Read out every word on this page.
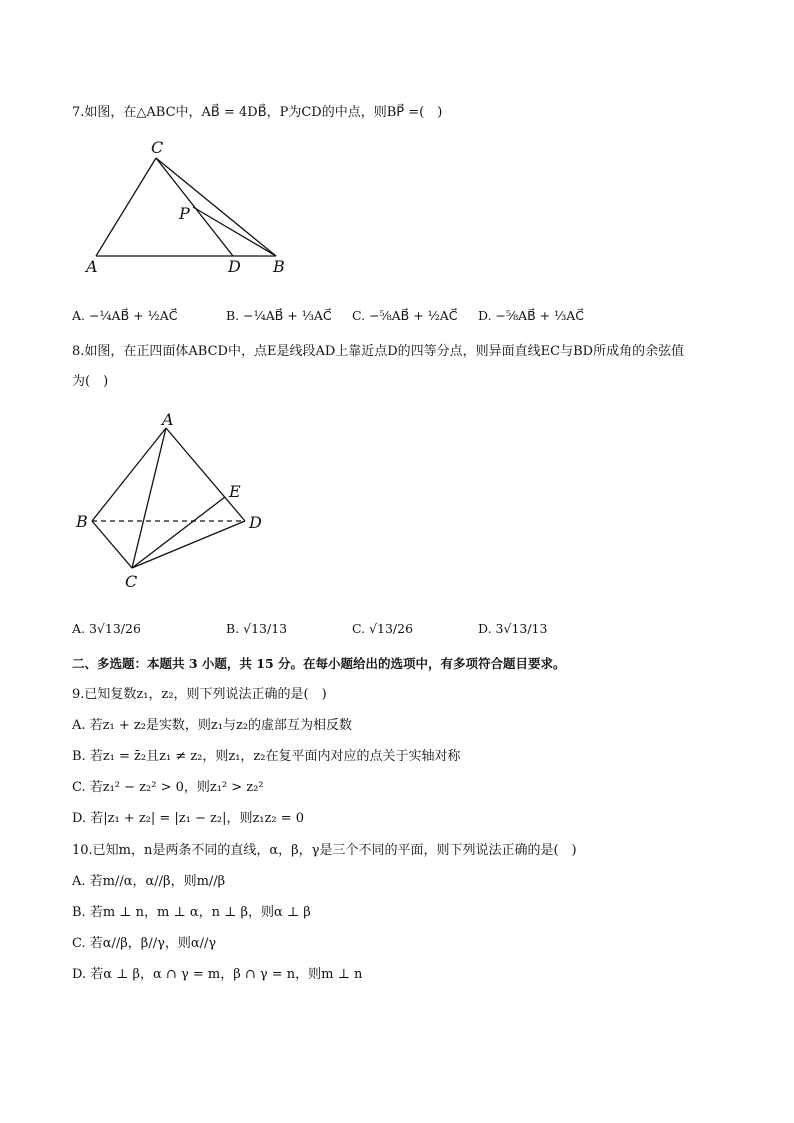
7.如图，在△ABC中，AB⃗ = 4DB⃗，P为CD的中点，则BP⃗ =(　)
C
P
A	D B
A. −¹⁄₄AB⃗ + ¹⁄₂AC⃗	B. −¹⁄₄AB⃗ + ¹⁄₃AC⃗ C. −⁵⁄₈AB⃗ + ¹⁄₂AC⃗ D. −⁵⁄₈AB⃗ + ¹⁄₃AC⃗
8.如图，在正四面体ABCD中，点E是线段AD上靠近点D的四等分点，则异面直线EC与BD所成角的余弦值
为(　)
A
B
C
D
E
A. 3√13/26	B. √13/13	C. √13/26	D. 3√13/13
二、多选题：本题共 3 小题，共 15 分。在每小题给出的选项中，有多项符合题目要求。
9.已知复数z₁，z₂，则下列说法正确的是(　)
A. 若z₁ + z₂是实数，则z₁与z₂的虚部互为相反数
B. 若z₁ = z̄₂且z₁ ≠ z₂，则z₁，z₂在复平面内对应的点关于实轴对称
C. 若z₁² − z₂² > 0，则z₁² > z₂²
D. 若|z₁ + z₂| = |z₁ − z₂|，则z₁z₂ = 0
10.已知m，n是两条不同的直线，α，β，γ是三个不同的平面，则下列说法正确的是(　)
A. 若m//α，α//β，则m//β
B. 若m ⊥ n，m ⊥ α，n ⊥ β，则α ⊥ β
C. 若α//β，β//γ，则α//γ
D. 若α ⊥ β，α ∩ γ = m，β ∩ γ = n，则m ⊥ n
